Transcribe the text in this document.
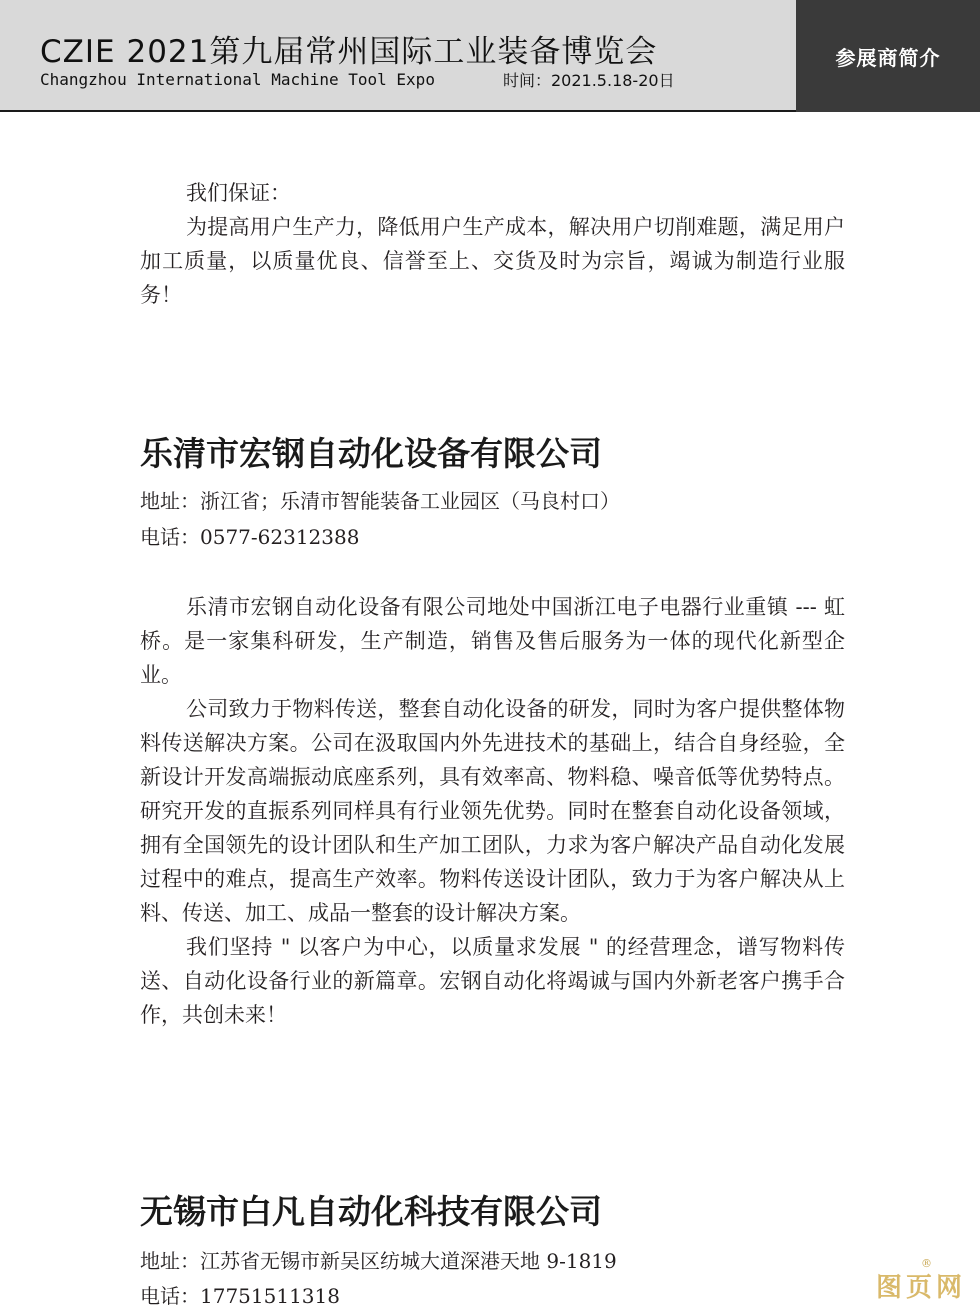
CZIE 2021第九届常州国际工业装备博览会
Changzhou International Machine Tool Expo	时间：2021.5.18-20日
参展商简介
我们保证：
为提高用户生产力，降低用户生产成本，解决用户切削难题，满足用户加工质量，以质量优良、信誉至上、交货及时为宗旨，竭诚为制造行业服务！
乐清市宏钢自动化设备有限公司
地址：浙江省；乐清市智能装备工业园区（马良村口）
电话：0577-62312388
乐清市宏钢自动化设备有限公司地处中国浙江电子电器行业重镇 --- 虹桥。是一家集科研发，生产制造，销售及售后服务为一体的现代化新型企业。
公司致力于物料传送，整套自动化设备的研发，同时为客户提供整体物料传送解决方案。公司在汲取国内外先进技术的基础上，结合自身经验，全新设计开发高端振动底座系列，具有效率高、物料稳、噪音低等优势特点。研究开发的直振系列同样具有行业领先优势。同时在整套自动化设备领域，拥有全国领先的设计团队和生产加工团队，力求为客户解决产品自动化发展过程中的难点，提高生产效率。物料传送设计团队，致力于为客户解决从上料、传送、加工、成品一整套的设计解决方案。
我们坚持 " 以客户为中心，以质量求发展 " 的经营理念，谱写物料传送、自动化设备行业的新篇章。宏钢自动化将竭诚与国内外新老客户携手合作，共创未来！
无锡市白凡自动化科技有限公司
地址：江苏省无锡市新吴区纺城大道深港天地 9-1819
电话：17751511318	图页网
®
